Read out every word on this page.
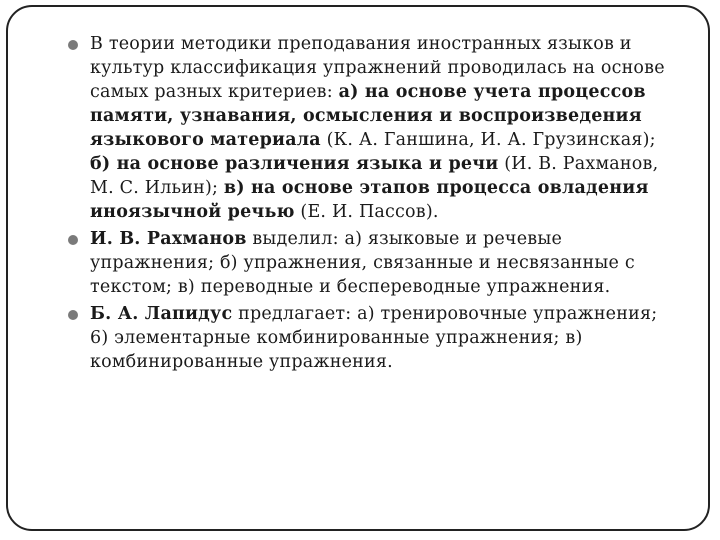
В теории методики преподавания иностранных языков и культур классификация упражнений проводилась на основе самых разных критериев: а) на основе учета процессов памяти, узнавания, осмысления и воспроизведения языкового материала (К. А. Ганшина, И. А. Грузинская); б) на основе различения языка и речи (И. В. Рахманов, М. С. Ильин); в) на основе этапов процесса овладения иноязычной речью (Е. И. Пассов).

И. В. Рахманов выделил: а) языковые и речевые упражнения; б) упражнения, связанные и несвязанные с текстом; в) переводные и беспереводные упражнения.

Б. А. Лапидус предлагает: а) тренировочные упражнения; 6) элементарные комбинированные упражнения; в) комбинированные упражнения.
